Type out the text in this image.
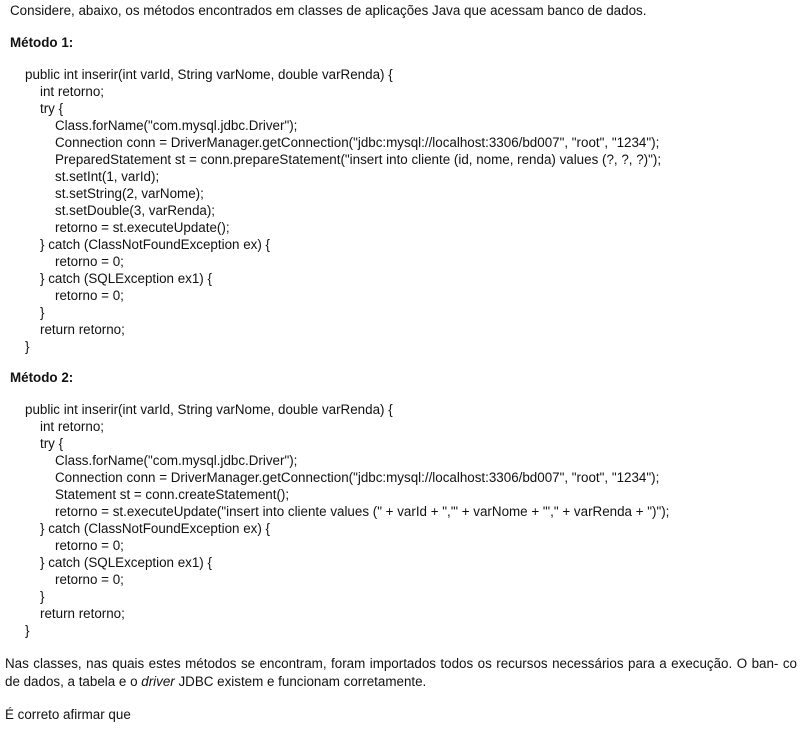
Considere, abaixo, os métodos encontrados em classes de aplicações Java que acessam banco de dados.

Método 1:
public int inserir(int varId, String varNome, double varRenda) {
int retorno;
try {
Class.forName("com.mysql.jdbc.Driver");
Connection conn = DriverManager.getConnection("jdbc:mysql://localhost:3306/bd007", "root", "1234");
PreparedStatement st = conn.prepareStatement("insert into cliente (id, nome, renda) values (?, ?, ?)");
st.setInt(1, varId);
st.setString(2, varNome);
st.setDouble(3, varRenda);
retorno = st.executeUpdate();
} catch (ClassNotFoundException ex) {
retorno = 0;
} catch (SQLException ex1) {
retorno = 0;
}
return retorno;
}
Método 2:
public int inserir(int varId, String varNome, double varRenda) {
int retorno;
try {
Class.forName("com.mysql.jdbc.Driver");
Connection conn = DriverManager.getConnection("jdbc:mysql://localhost:3306/bd007", "root", "1234");
Statement st = conn.createStatement();
retorno = st.executeUpdate("insert into cliente values (" + varId + ",'" + varNome + "'," + varRenda + ")");
} catch (ClassNotFoundException ex) {
retorno = 0;
} catch (SQLException ex1) {
retorno = 0;
}
return retorno;
}

Nas classes, nas quais estes métodos se encontram, foram importados todos os recursos necessários para a execução. O ban- co de dados, a tabela e o driver JDBC existem e funcionam corretamente.

É correto afirmar que
